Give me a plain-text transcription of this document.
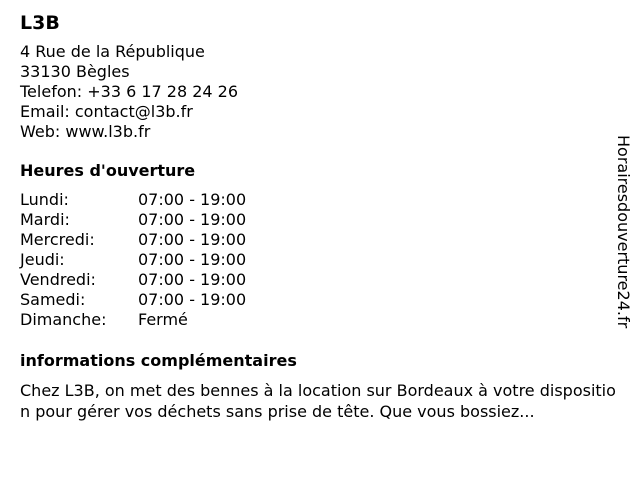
L3B
4 Rue de la République
33130 Bègles
Telefon: +33 6 17 28 24 26
Email: contact@l3b.fr
Web: www.l3b.fr
Heures d'ouverture
Lundi:	07:00 - 19:00
Mardi:	07:00 - 19:00
Mercredi:	07:00 - 19:00
Jeudi:	07:00 - 19:00
Vendredi:	07:00 - 19:00
Samedi:	07:00 - 19:00
Dimanche:	Fermé
informations complémentaires
Chez L3B, on met des bennes à la location sur Bordeaux à votre disposition pour gérer vos déchets sans prise de tête. Que vous bossiez...
Horairesdouverture24.fr
